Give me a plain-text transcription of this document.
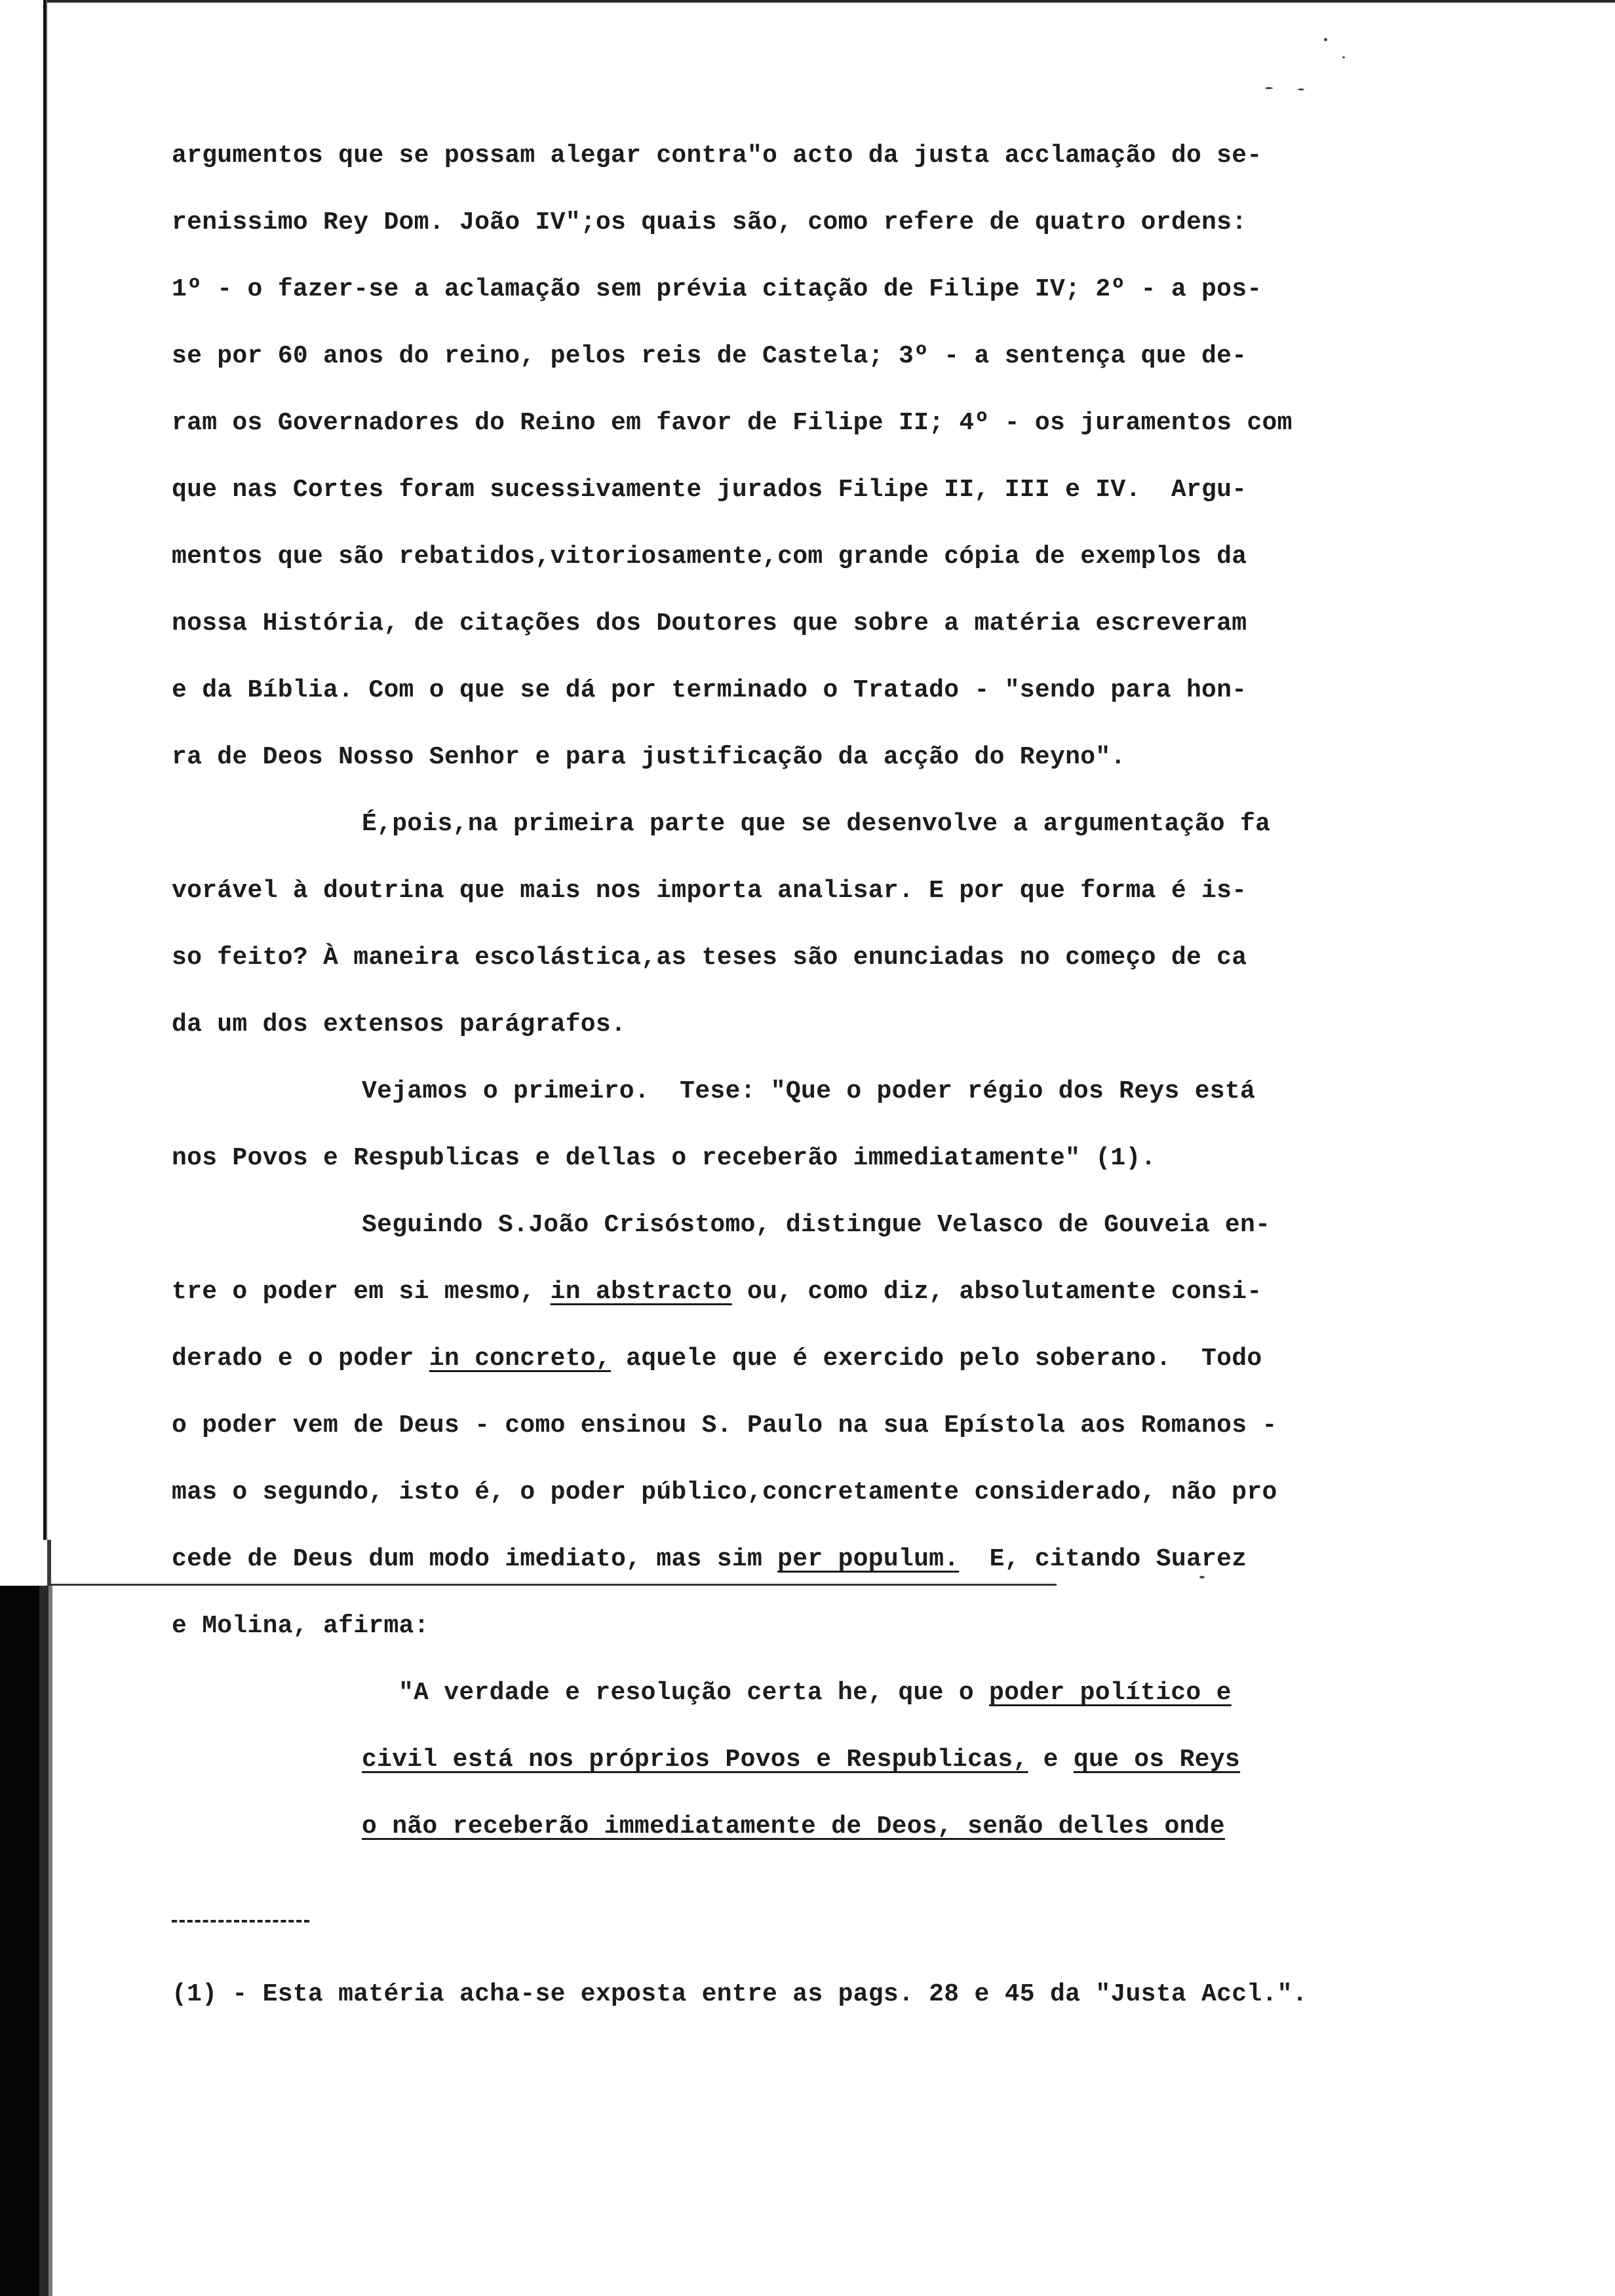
argumentos que se possam alegar contra"o acto da justa acclamação do se-
renissimo Rey Dom. João IV";os quais são, como refere de quatro ordens:
1º - o fazer-se a aclamação sem prévia citação de Filipe IV; 2º - a pos-
se por 60 anos do reino, pelos reis de Castela; 3º - a sentença que de-
ram os Governadores do Reino em favor de Filipe II; 4º - os juramentos com
que nas Cortes foram sucessivamente jurados Filipe II, III e IV.  Argu-
mentos que são rebatidos,vitoriosamente,com grande cópia de exemplos da
nossa História, de citações dos Doutores que sobre a matéria escreveram
e da Bíblia. Com o que se dá por terminado o Tratado - "sendo para hon-
ra de Deos Nosso Senhor e para justificação da acção do Reyno".
É,pois,na primeira parte que se desenvolve a argumentação fa
vorável à doutrina que mais nos importa analisar. E por que forma é is-
so feito? À maneira escolástica,as teses são enunciadas no começo de ca
da um dos extensos parágrafos.
Vejamos o primeiro.  Tese: "Que o poder régio dos Reys está
nos Povos e Respublicas e dellas o receberão immediatamente" (1).
Seguindo S.João Crisóstomo, distingue Velasco de Gouveia en-
tre o poder em si mesmo, in abstracto ou, como diz, absolutamente consi-
derado e o poder in concreto, aquele que é exercido pelo soberano.  Todo
o poder vem de Deus - como ensinou S. Paulo na sua Epístola aos Romanos -
mas o segundo, isto é, o poder público,concretamente considerado, não pro
cede de Deus dum modo imediato, mas sim per populum.  E, citando Suarez
e Molina, afirma:
"A verdade e resolução certa he, que o poder político e
civil está nos próprios Povos e Respublicas, e que os Reys
o não receberão immediatamente de Deos, senão delles onde
(1) - Esta matéria acha-se exposta entre as pags. 28 e 45 da "Justa Accl.".
